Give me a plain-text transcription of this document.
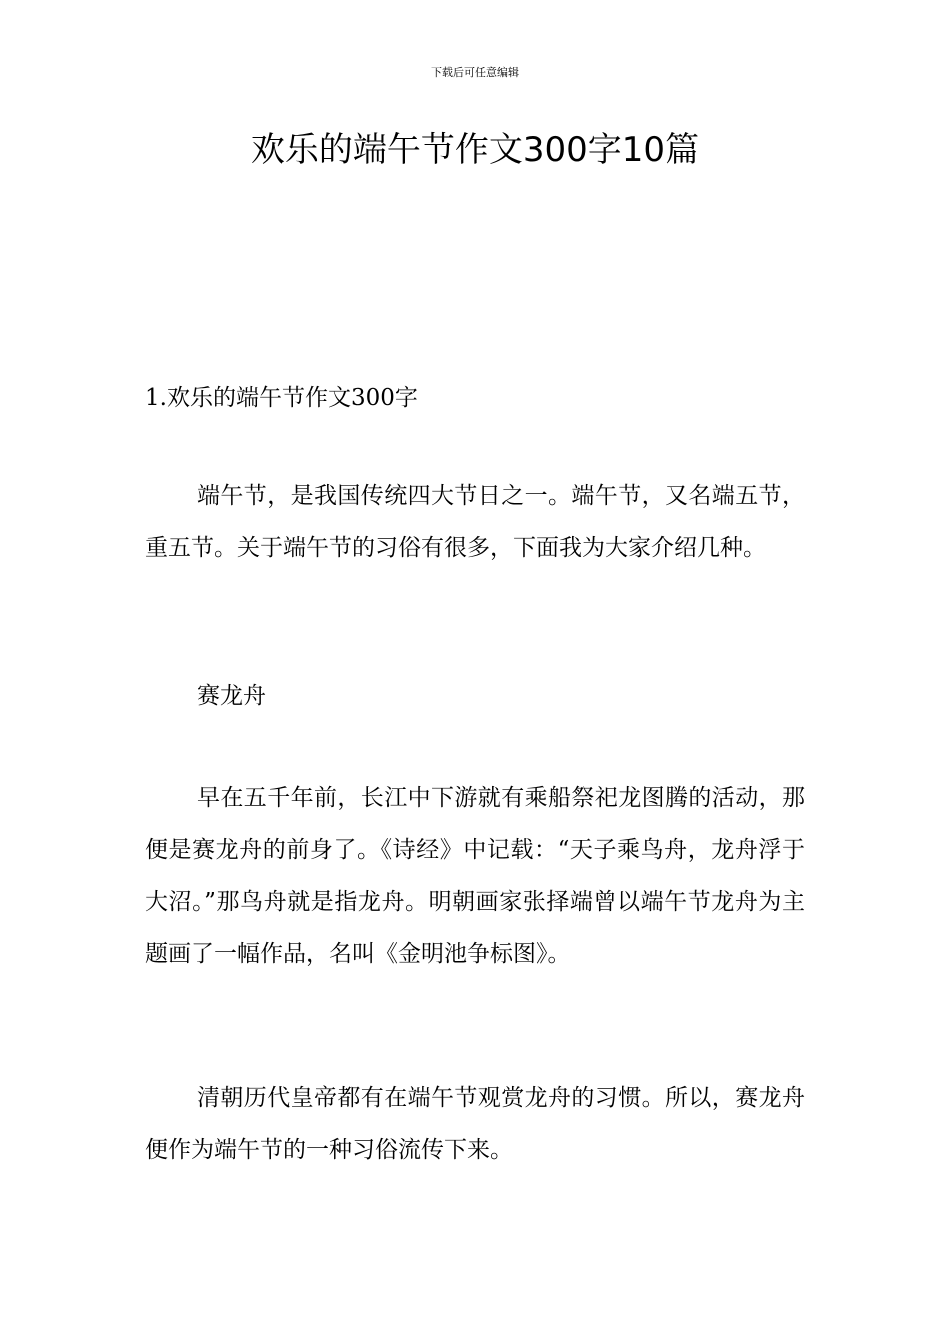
下载后可任意编辑
欢乐的端午节作文300字10篇
1.欢乐的端午节作文300字

端午节，是我国传统四大节日之一。端午节，又名端五节，重五节。关于端午节的习俗有很多，下面我为大家介绍几种。

赛龙舟

早在五千年前，长江中下游就有乘船祭祀龙图腾的活动，那便是赛龙舟的前身了。《诗经》中记载：“天子乘鸟舟，龙舟浮于大沼。”那鸟舟就是指龙舟。明朝画家张择端曾以端午节龙舟为主题画了一幅作品，名叫《金明池争标图》。

清朝历代皇帝都有在端午节观赏龙舟的习惯。所以，赛龙舟便作为端午节的一种习俗流传下来。
